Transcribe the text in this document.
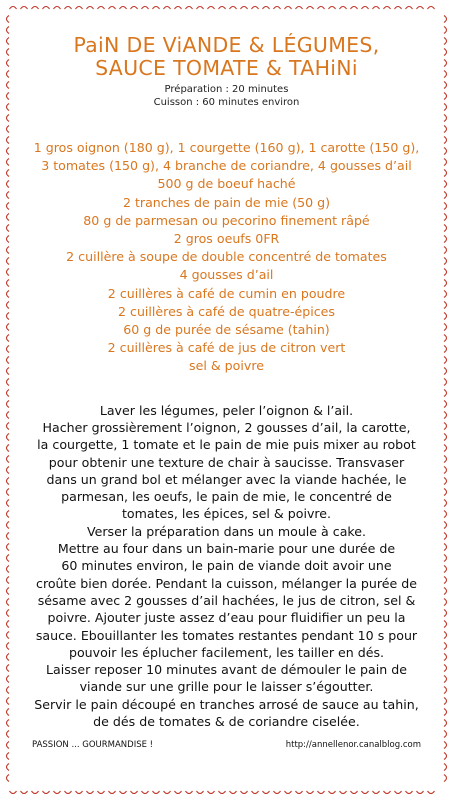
PaiN DE ViANDE & LÉGUMES,
SAUCE TOMATE & TAHiNi
Préparation : 20 minutes
Cuisson : 60 minutes environ
1 gros oignon (180 g), 1 courgette (160 g), 1 carotte (150 g),
3 tomates (150 g), 4 branche de coriandre, 4 gousses d’ail
500 g de boeuf haché
2 tranches de pain de mie (50 g)
80 g de parmesan ou pecorino finement râpé
2 gros oeufs 0FR
2 cuillère à soupe de double concentré de tomates
4 gousses d’ail
2 cuillères à café de cumin en poudre
2 cuillères à café de quatre-épices
60 g de purée de sésame (tahin)
2 cuillères à café de jus de citron vert
sel & poivre
Laver les légumes, peler l’oignon & l’ail.
Hacher grossièrement l’oignon, 2 gousses d’ail, la carotte,
la courgette, 1 tomate et le pain de mie puis mixer au robot
pour obtenir une texture de chair à saucisse. Transvaser
dans un grand bol et mélanger avec la viande hachée, le
parmesan, les oeufs, le pain de mie, le concentré de
tomates, les épices, sel & poivre.
Verser la préparation dans un moule à cake.
Mettre au four dans un bain-marie pour une durée de
60 minutes environ, le pain de viande doit avoir une
croûte bien dorée. Pendant la cuisson, mélanger la purée de
sésame avec 2 gousses d’ail hachées, le jus de citron, sel &
poivre. Ajouter juste assez d’eau pour fluidifier un peu la
sauce. Ebouillanter les tomates restantes pendant 10 s pour
pouvoir les éplucher facilement, les tailler en dés.
Laisser reposer 10 minutes avant de démouler le pain de
viande sur une grille pour le laisser s’égoutter.
Servir le pain découpé en tranches arrosé de sauce au tahin,
de dés de tomates & de coriandre ciselée.
PASSION ... GOURMANDISE !	http://annellenor.canalblog.com
